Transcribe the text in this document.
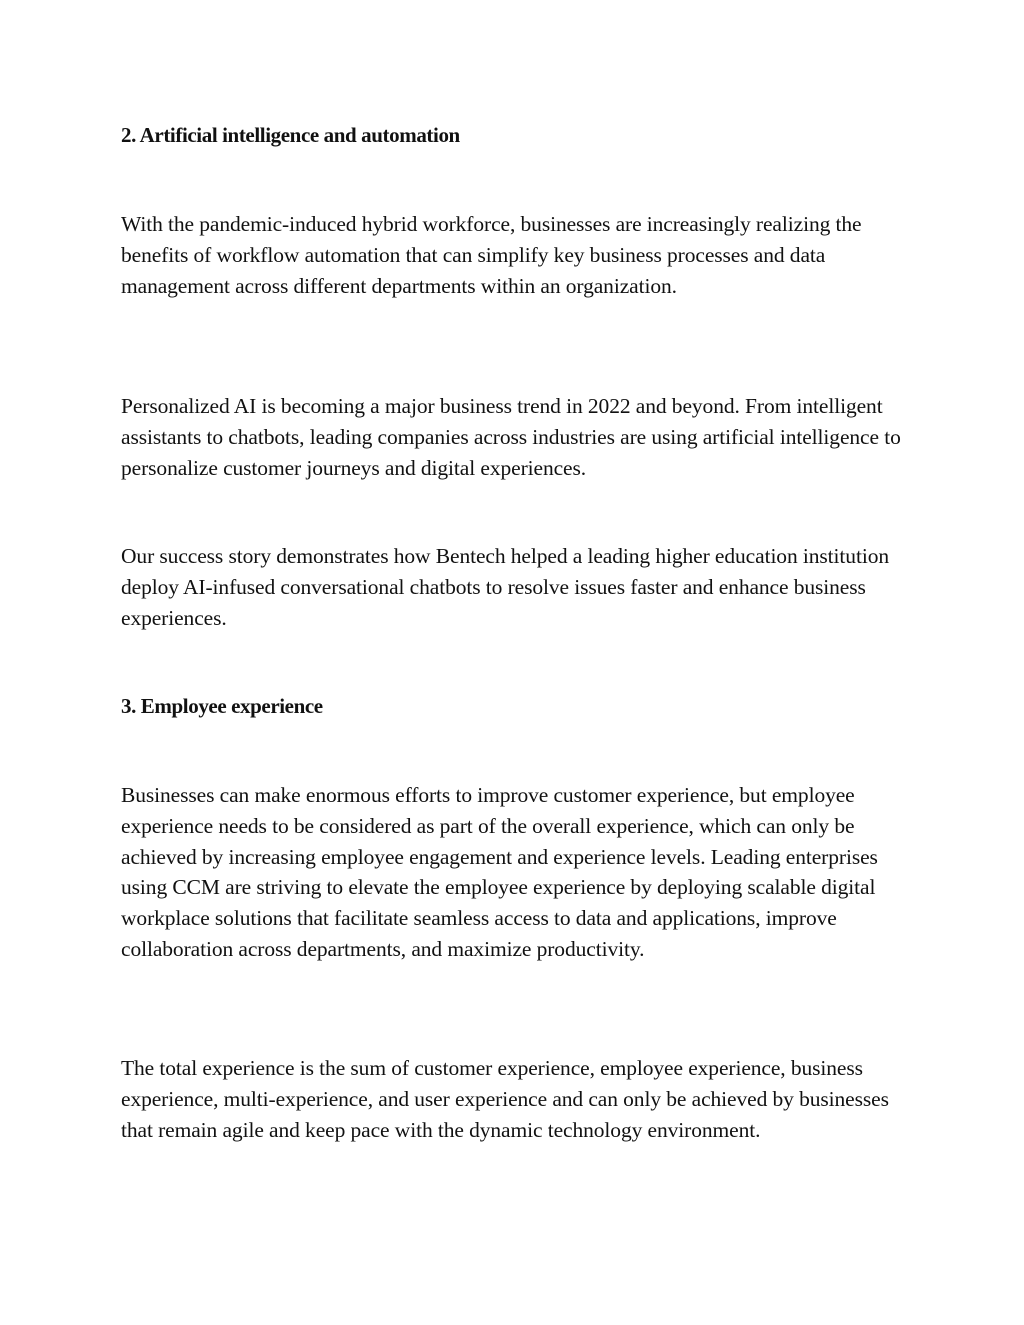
2. Artificial intelligence and automation

With the pandemic-induced hybrid workforce, businesses are increasingly realizing the benefits of workflow automation that can simplify key business processes and data management across different departments within an organization.

Personalized AI is becoming a major business trend in 2022 and beyond. From intelligent assistants to chatbots, leading companies across industries are using artificial intelligence to personalize customer journeys and digital experiences.

Our success story demonstrates how Bentech helped a leading higher education institution deploy AI-infused conversational chatbots to resolve issues faster and enhance business experiences.

3. Employee experience

Businesses can make enormous efforts to improve customer experience, but employee experience needs to be considered as part of the overall experience, which can only be achieved by increasing employee engagement and experience levels. Leading enterprises using CCM are striving to elevate the employee experience by deploying scalable digital workplace solutions that facilitate seamless access to data and applications, improve collaboration across departments, and maximize productivity.

The total experience is the sum of customer experience, employee experience, business experience, multi-experience, and user experience and can only be achieved by businesses that remain agile and keep pace with the dynamic technology environment.
